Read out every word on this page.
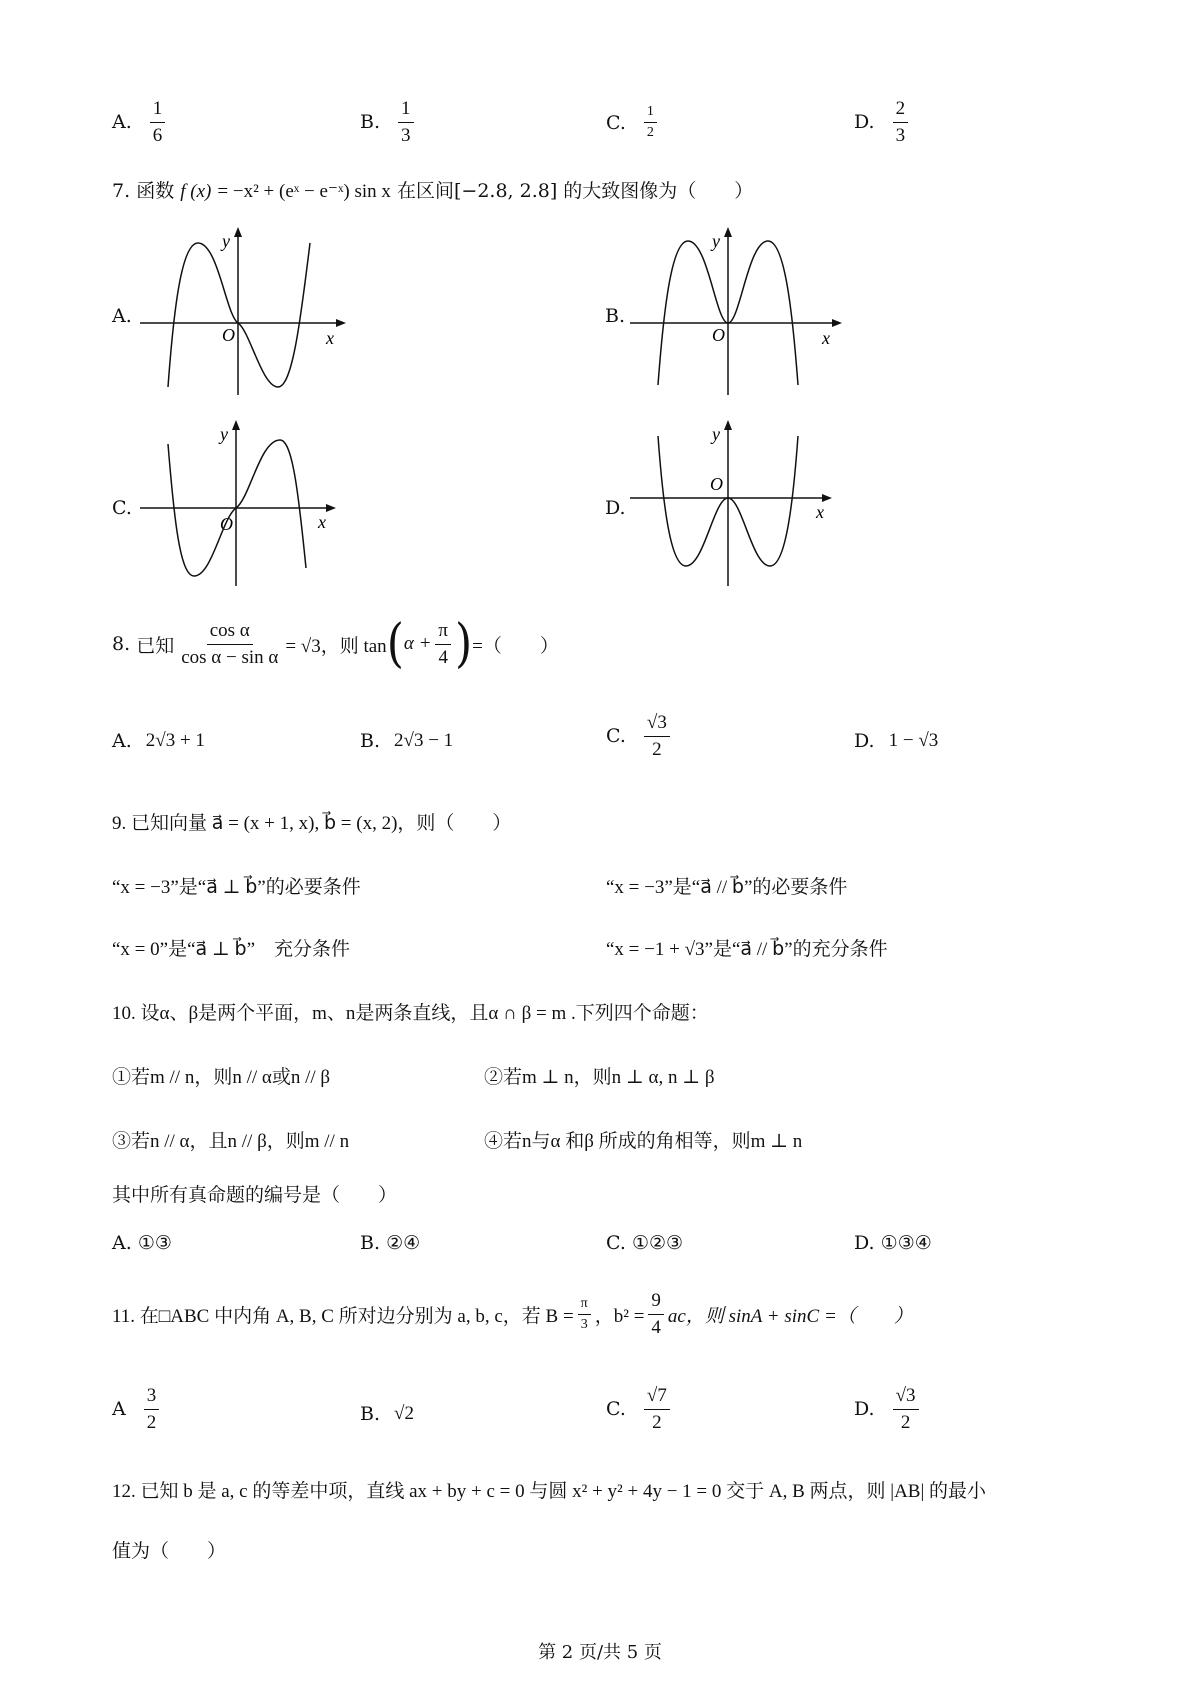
A. $\frac{1}{6}$	B. $\frac{1}{3}$	C. $\frac{1}{2}$	D. $\frac{2}{3}$
7. 函数 f (x) = −x² + (eˣ − e⁻ˣ) sin x 在区间[−2.8, 2.8] 的大致图像为（　　）
A.
y
x
O
B.
y
x
O
C.
y
x
O
D.
y
x
O
8.
已知 $\frac{\text{cos α}}{\text{cos α − sin α}} = √3$，则 tan ( $\alpha + \frac{\pi}{4}$ ) =（　　）
A. 2√3 + 1	B. 2√3 − 1	C. $\frac{√3}{2}$	D. 1 − √3
9. 已知向量 a⃗ = (x + 1, x), b⃗ = (x, 2)，则（　　）
“x = −3”是“a⃗ ⊥ b⃗”的必要条件	“x = −3”是“a⃗ // b⃗”的必要条件
“x = 0”是“a⃗ ⊥ b⃗”　充分条件	“x = −1 + √3”是“a⃗ // b⃗”的充分条件
10. 设α、β是两个平面，m、n是两条直线，且α ∩ β = m .下列四个命题：
①若m // n，则n // α或n // β	②若m ⊥ n，则n ⊥ α, n ⊥ β
③若n // α，且n // β，则m // n	④若n与α 和β 所成的角相等，则m ⊥ n
其中所有真命题的编号是（　　）
A. ①③	B. ②④	C. ①②③	D. ①③④
11. 在□ABC 中内角 A, B, C 所对边分别为 a, b, c，若 $B = \frac{\pi}{3}$ ，$b^2 = \frac{9}{4}$ ac，则 sinA + sinC =（　　）
A $\frac{3}{2}$	B. √2	C. $\frac{√7}{2}$	D. $\frac{√3}{2}$
12. 已知 b 是 a, c 的等差中项，直线 ax + by + c = 0 与圆 x² + y² + 4y − 1 = 0 交于 A, B 两点，则 |AB| 的最小
值为（　　）
第 2 页/共 5 页
